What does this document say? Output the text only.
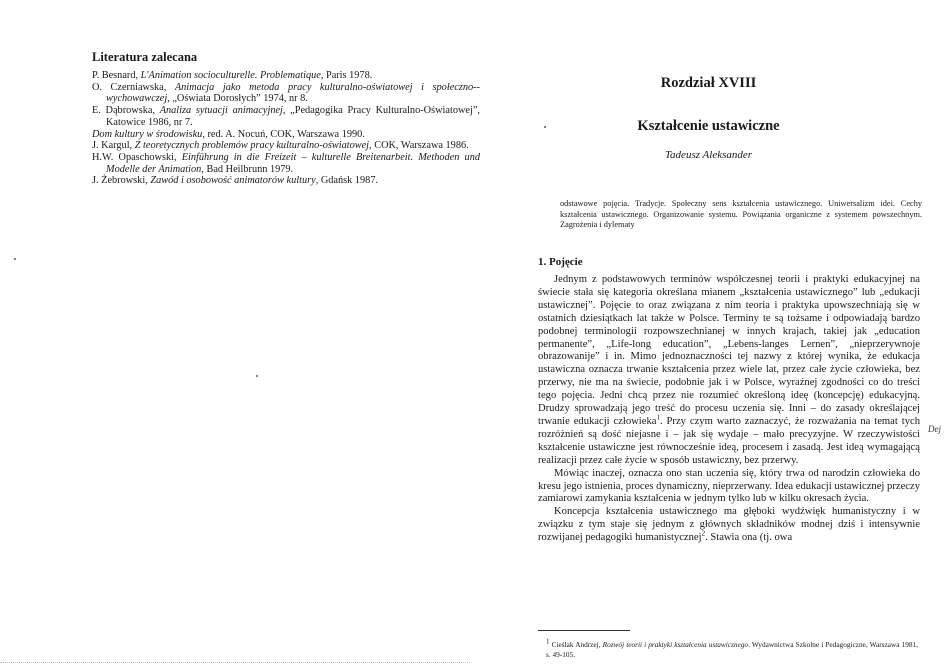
Literatura zalecana

P. Besnard, L'Animation socioculturelle. Problematique, Paris 1978.

O. Czerniawska, Animacja jako metoda pracy kulturalno-oświatowej i społeczno--wychowawczej, „Oświata Dorosłych” 1974, nr 8.

E. Dąbrowska, Analiza sytuacji animacyjnej, „Pedagogika Pracy Kulturalno-Oświatowej”, Katowice 1986, nr 7.

Dom kultury w środowisku, red. A. Nocuń, COK, Warszawa 1990.

J. Kargul, Z teoretycznych problemów pracy kulturalno-oświatowej, COK, Warszawa 1986.

H.W. Opaschowski, Einführung in die Freizeit – kulturelle Breitenarbeit. Methoden und Modelle der Animation, Bad Heilbrunn 1979.

J. Żebrowski, Zawód i osobowość animatorów kultury, Gdańsk 1987.

Rozdział XVIII
Kształcenie ustawiczne
Tadeusz Aleksander
odstawowe pojęcia. Tradycje. Społeczny sens kształcenia ustawicznego. Uniwersalizm idei. Cechy kształcenia ustawicznego. Organizowanie systemu. Powiązania organiczne z systemem powszechnym. Zagrożenia i dylematy
1. Pojęcie

Jednym z podstawowych terminów współczesnej teorii i praktyki edukacyjnej na świecie stała się kategoria określana mianem „kształcenia ustawicznego” lub „edukacji ustawicznej”. Pojęcie to oraz związana z nim teoria i praktyka upowszechniają się w ostatnich dziesiątkach lat także w Polsce. Terminy te są tożsame i odpowiadają bardzo podobnej terminologii rozpowszechnianej w innych krajach, takiej jak „education permanente”, „Life-long education”, „Lebens-langes Lernen”, „nieprzerywnoje obrazowanije” i in. Mimo jednoznaczności tej nazwy z której wynika, że edukacja ustawiczna oznacza trwanie kształcenia przez wiele lat, przez całe życie człowieka, bez przerwy, nie ma na świecie, podobnie jak i w Polsce, wyraźnej zgodności co do treści tego pojęcia. Jedni chcą przez nie rozumieć określoną ideę (koncepcję) edukacyjną. Drudzy sprowadzają jego treść do procesu uczenia się. Inni – do zasady określającej trwanie edukacji człowieka$^1$. Przy czym warto zaznaczyć, że rozważania na temat tych rozróżnień są dość niejasne i – jak się wydaje – mało precyzyjne. W rzeczywistości kształcenie ustawiczne jest równocześnie ideą, procesem i zasadą. Jest ideą wymagającą realizacji przez całe życie w sposób ustawiczny, bez przerwy.

Mówiąc inaczej, oznacza ono stan uczenia się, który trwa od narodzin człowieka do kresu jego istnienia, proces dynamiczny, nieprzerwany. Idea edukacji ustawicznej przeczy zamiarowi zamykania kształcenia w jednym tylko lub w kilku okresach życia.

Koncepcja kształcenia ustawicznego ma głęboki wydźwięk humanistyczny i w związku z tym staje się jednym z głównych składników modnej dziś i intensywnie rozwijanej pedagogiki humanistycznej$^2$. Stawia ona (tj. owa

$^1$ Cieślak Andrzej, Rozwój teorii i praktyki kształcenia ustawicznego. Wydawnictwa Szkolne i Pedagogiczne, Warszawa 1981, s. 49-105.
Dej
